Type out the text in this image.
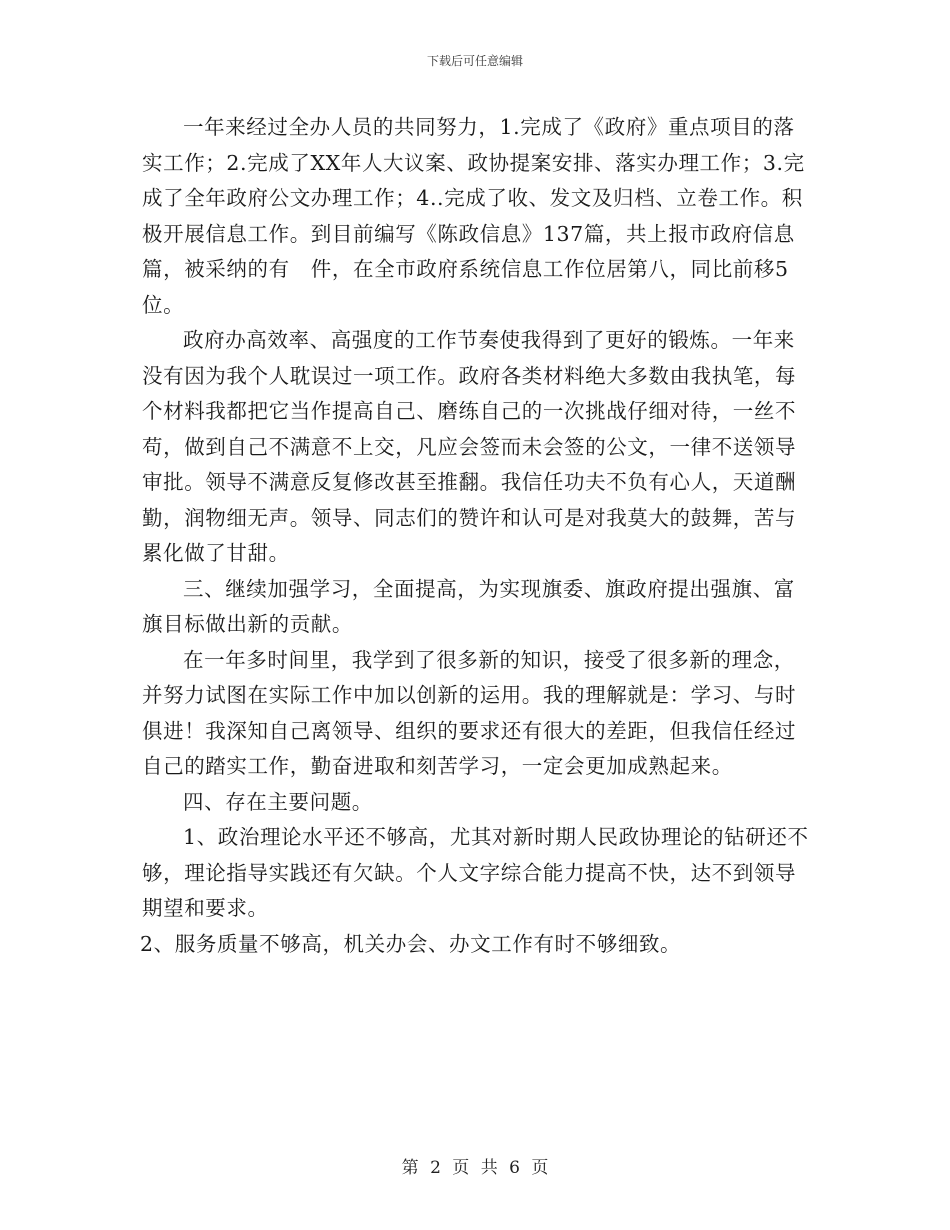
下载后可任意编辑

一年来经过全办人员的共同努力，1.完成了《政府》重点项目的落实工作；2.完成了XX年人大议案、政协提案安排、落实办理工作；3.完成了全年政府公文办理工作；4..完成了收、发文及归档、立卷工作。积极开展信息工作。到目前编写《陈政信息》137篇，共上报市政府信息　篇，被采纳的有　件，在全市政府系统信息工作位居第八，同比前移5位。

政府办高效率、高强度的工作节奏使我得到了更好的锻炼。一年来没有因为我个人耽误过一项工作。政府各类材料绝大多数由我执笔，每个材料我都把它当作提高自己、磨练自己的一次挑战仔细对待，一丝不苟，做到自己不满意不上交，凡应会签而未会签的公文，一律不送领导审批。领导不满意反复修改甚至推翻。我信任功夫不负有心人，天道酬勤，润物细无声。领导、同志们的赞许和认可是对我莫大的鼓舞，苦与累化做了甘甜。

三、继续加强学习，全面提高，为实现旗委、旗政府提出强旗、富旗目标做出新的贡献。

在一年多时间里，我学到了很多新的知识，接受了很多新的理念，并努力试图在实际工作中加以创新的运用。我的理解就是：学习、与时俱进！我深知自己离领导、组织的要求还有很大的差距，但我信任经过自己的踏实工作，勤奋进取和刻苦学习，一定会更加成熟起来。

四、存在主要问题。

1、政治理论水平还不够高，尤其对新时期人民政协理论的钻研还不够，理论指导实践还有欠缺。个人文字综合能力提高不快，达不到领导期望和要求。

2、服务质量不够高，机关办会、办文工作有时不够细致。

第 2 页 共 6 页
